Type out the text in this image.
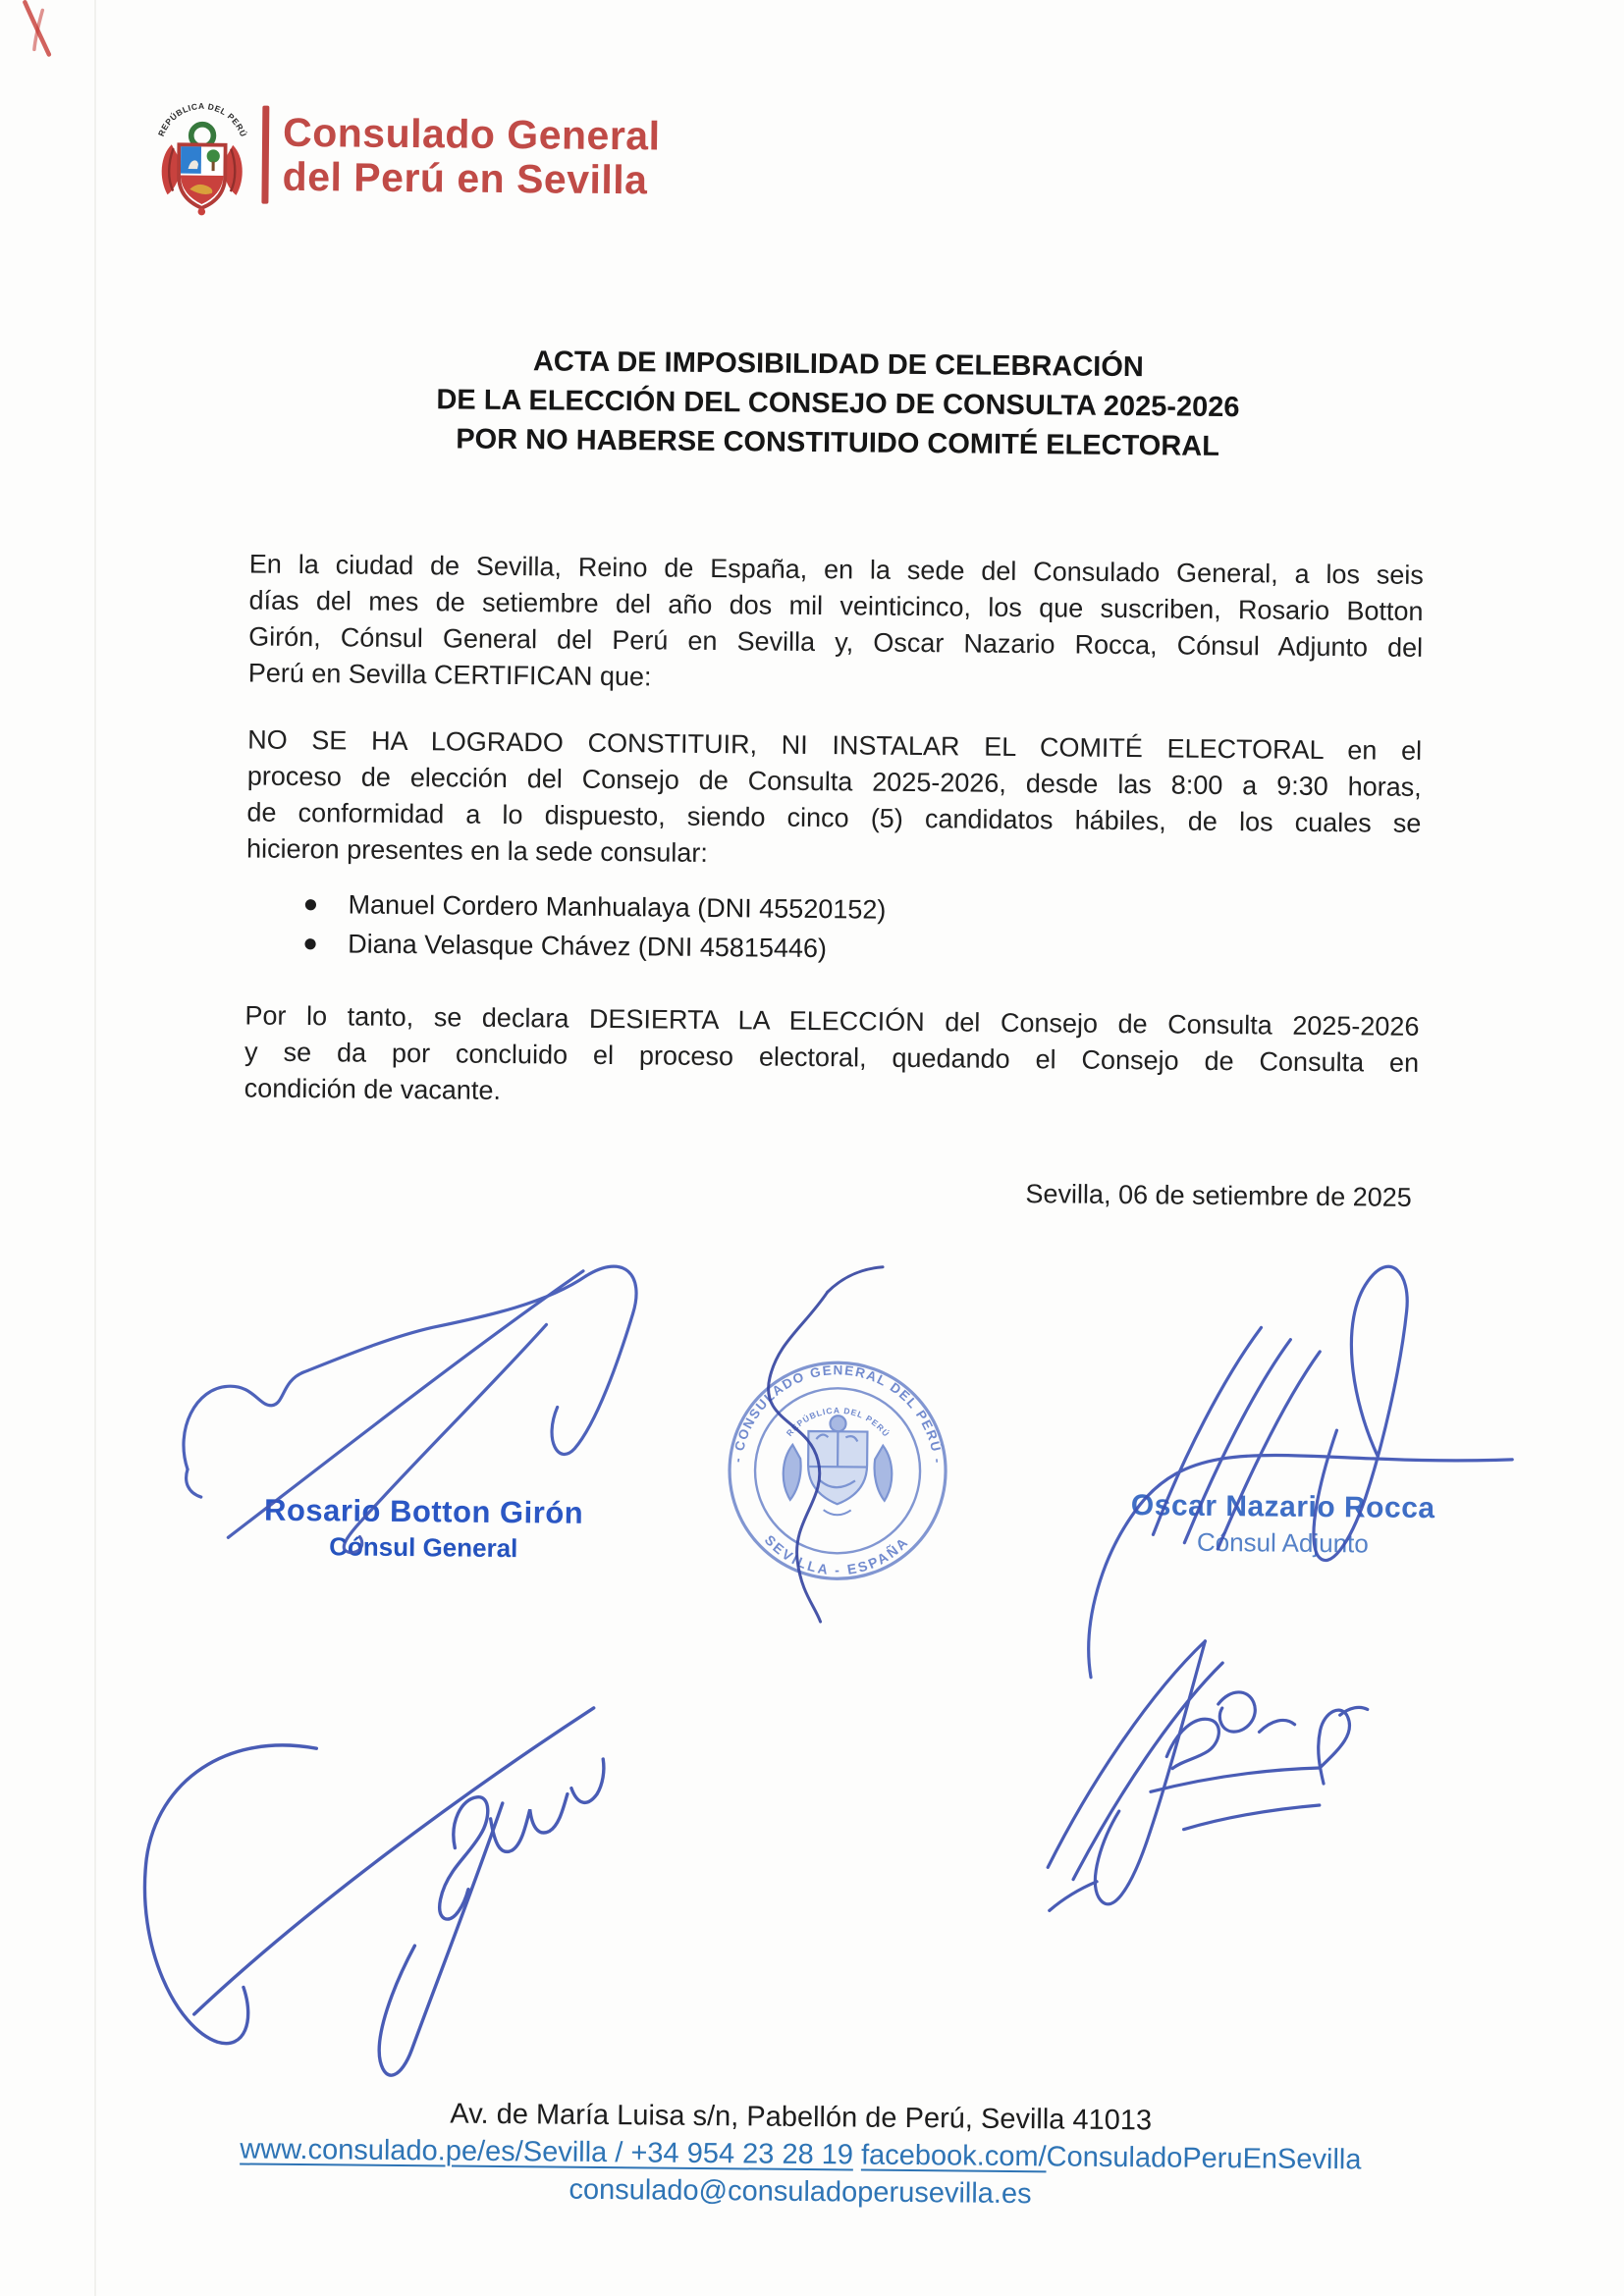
REPÚBLICA DEL PERÚ Consulado General
del Perú en Sevilla
ACTA DE IMPOSIBILIDAD DE CELEBRACIÓN
DE LA ELECCIÓN DEL CONSEJO DE CONSULTA 2025-2026
POR NO HABERSE CONSTITUIDO COMITÉ ELECTORAL
En la ciudad de Sevilla, Reino de España, en la sede del Consulado General, a los seis
días del mes de setiembre del año dos mil veinticinco, los que suscriben, Rosario Botton
Girón, Cónsul General del Perú en Sevilla y, Oscar Nazario Rocca, Cónsul Adjunto del
Perú en Sevilla CERTIFICAN que:
NO SE HA LOGRADO CONSTITUIR, NI INSTALAR EL COMITÉ ELECTORAL en el
proceso de elección del Consejo de Consulta 2025-2026, desde las 8:00 a 9:30 horas,
de conformidad a lo dispuesto, siendo cinco (5) candidatos hábiles, de los cuales se
hicieron presentes en la sede consular:
● Manuel Cordero Manhualaya (DNI 45520152)
● Diana Velasque Chávez (DNI 45815446)
Por lo tanto, se declara DESIERTA LA ELECCIÓN del Consejo de Consulta 2025-2026
y se da por concluido el proceso electoral, quedando el Consejo de Consulta en
condición de vacante.
Sevilla, 06 de setiembre de 2025
- CONSULADO GENERAL DEL PERÚ -
SEVILLA - ESPAÑA
REPÚBLICA DEL PERÚ
Rosario Botton Girón
Cónsul General
Oscar Nazario Rocca
Cónsul Adjunto
Av. de María Luisa s/n, Pabellón de Perú, Sevilla 41013
www.consulado.pe/es/Sevilla / +34 954 23 28 19 facebook.com/ConsuladoPeruEnSevilla
consulado@consuladoperusevilla.es
